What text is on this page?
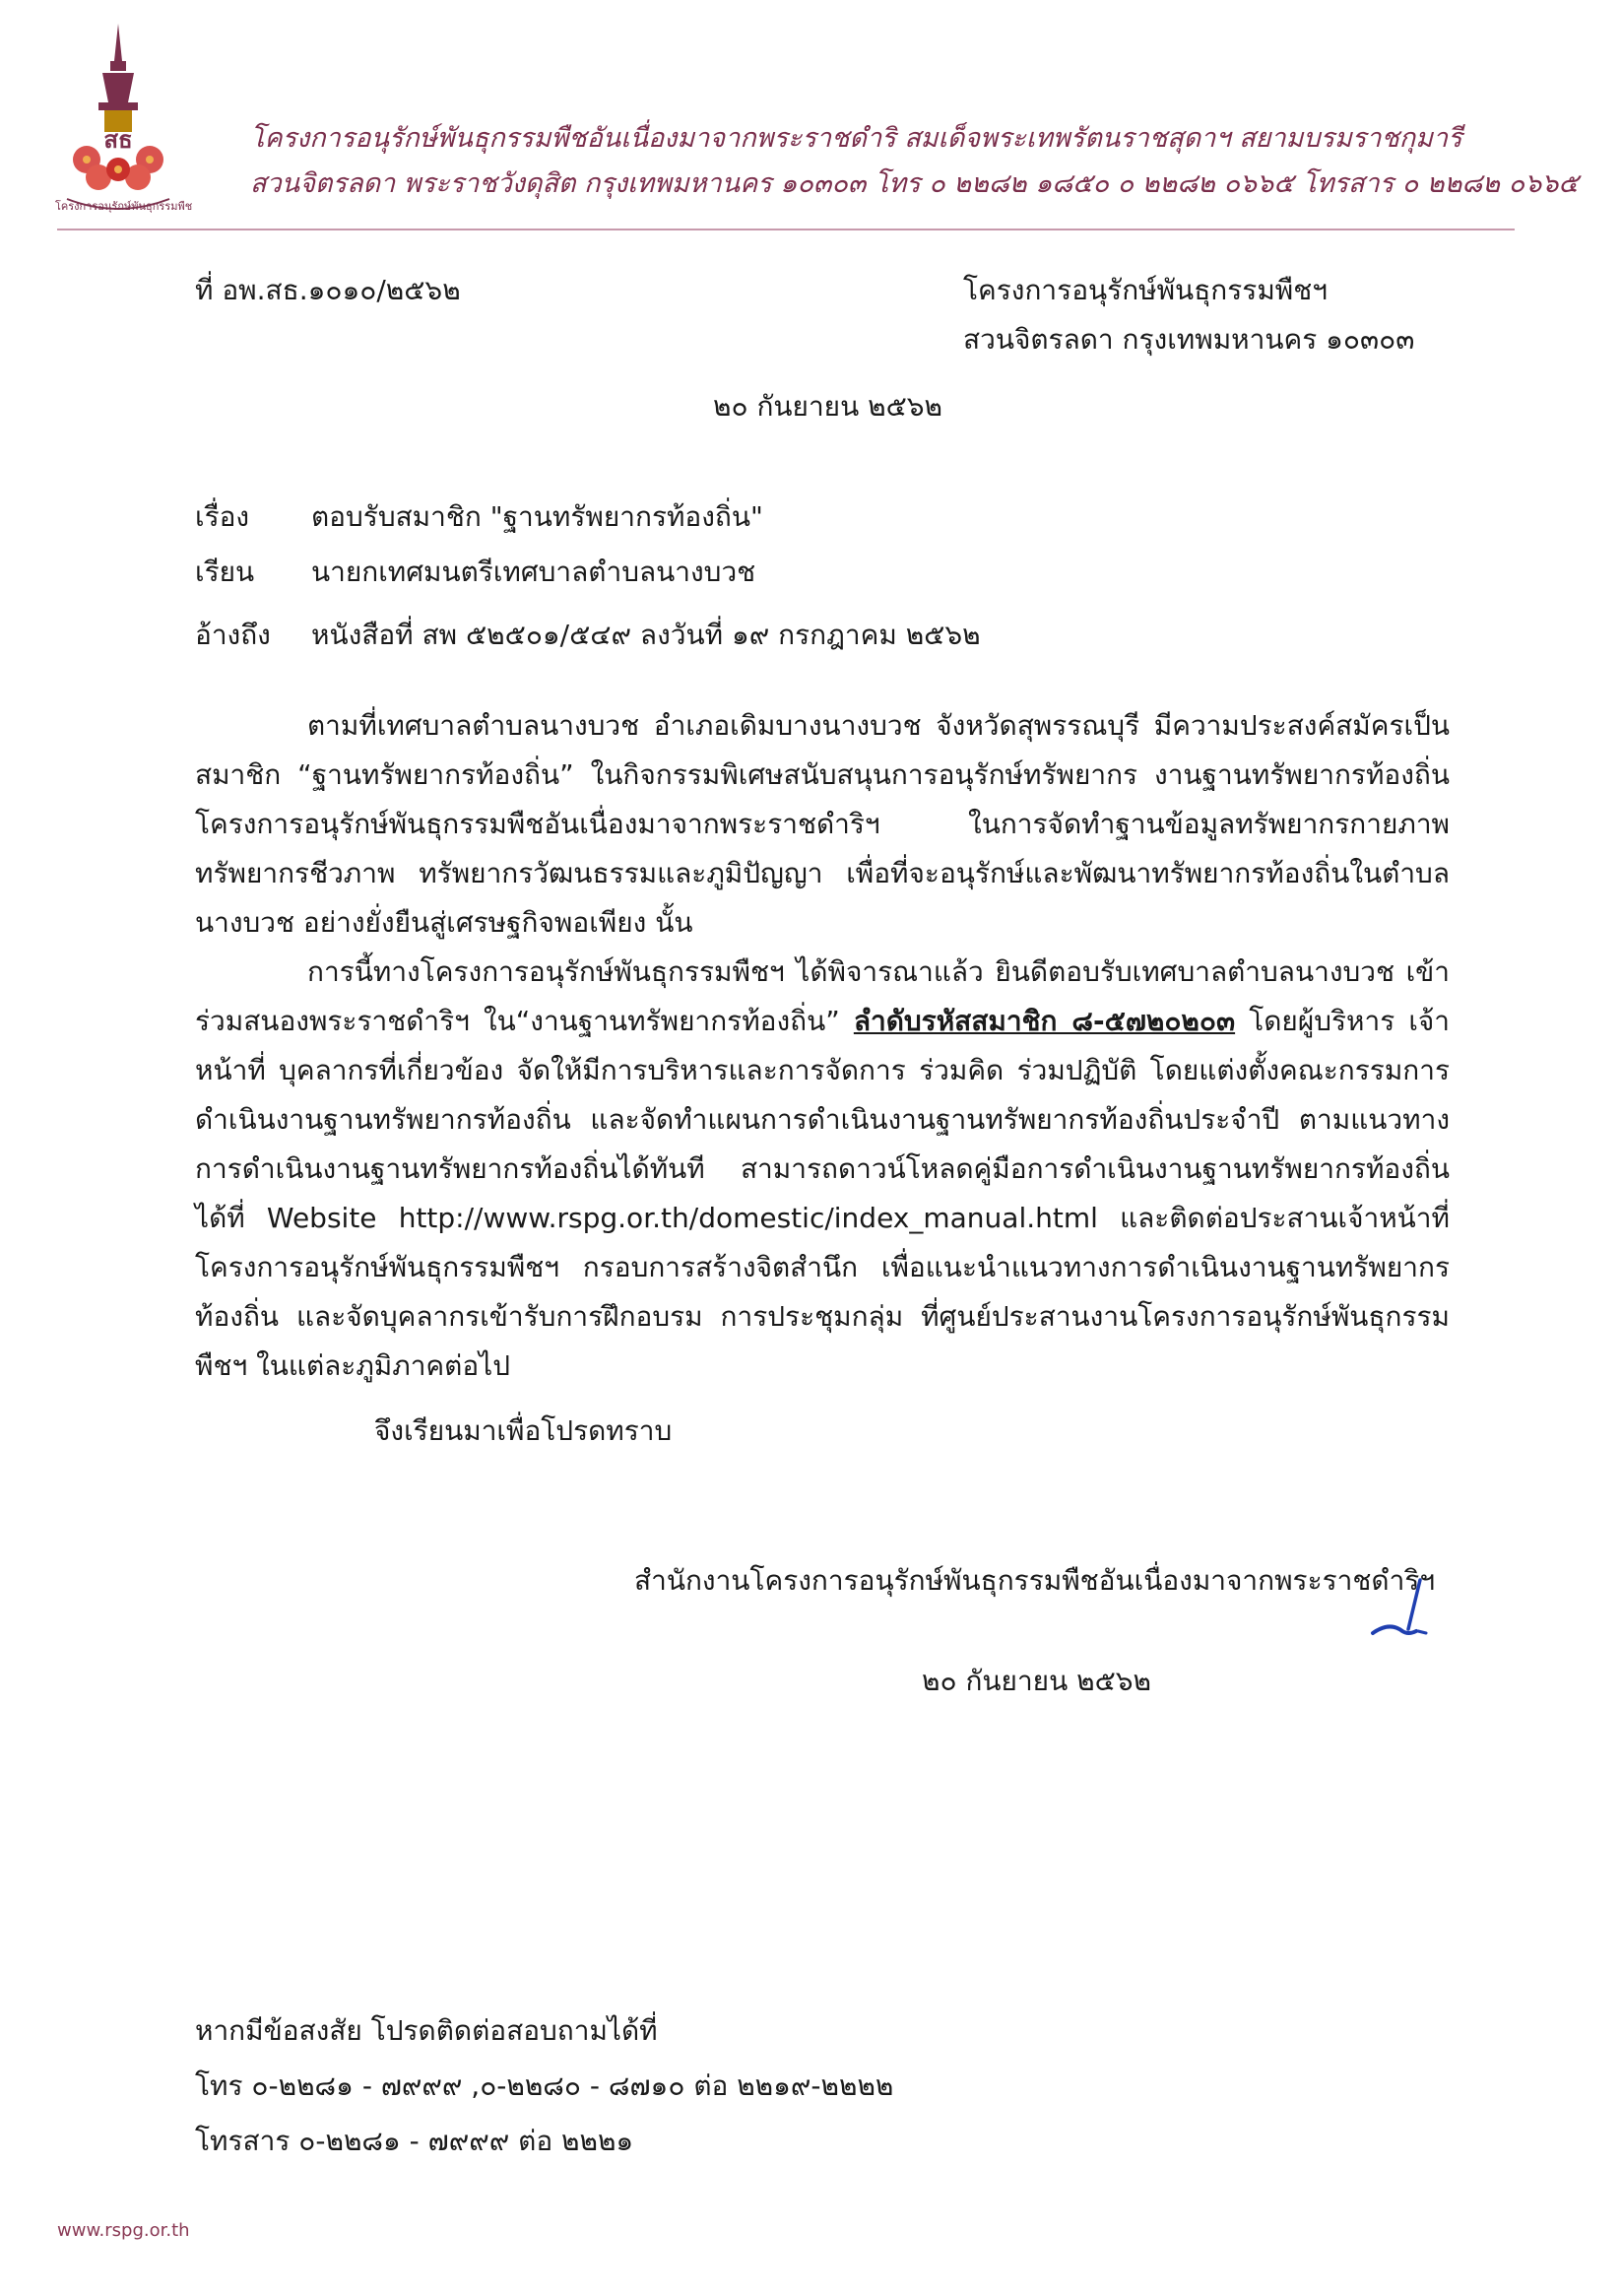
สธ
โครงการอนุรักษ์พันธุกรรมพืช
โครงการอนุรักษ์พันธุกรรมพืชอันเนื่องมาจากพระราชดำริ สมเด็จพระเทพรัตนราชสุดาฯ สยามบรมราชกุมารี
สวนจิตรลดา พระราชวังดุสิต กรุงเทพมหานคร ๑๐๓๐๓ โทร ๐ ๒๒๘๒ ๑๘๕๐ ๐ ๒๒๘๒ ๐๖๖๕ โทรสาร ๐ ๒๒๘๒ ๐๖๖๕
ที่ อพ.สธ.๑๐๑๐/๒๕๖๒	โครงการอนุรักษ์พันธุกรรมพืชฯ
สวนจิตรลดา กรุงเทพมหานคร ๑๐๓๐๓
๒๐ กันยายน ๒๕๖๒
เรื่อง	ตอบรับสมาชิก "ฐานทรัพยากรท้องถิ่น"
เรียน	นายกเทศมนตรีเทศบาลตำบลนางบวช
อ้างถึง	หนังสือที่ สพ ๕๒๕๐๑/๕๔๙ ลงวันที่ ๑๙ กรกฎาคม ๒๕๖๒

ตามที่เทศบาลตำบลนางบวช อำเภอเดิมบางนางบวช จังหวัดสุพรรณบุรี มีความประสงค์สมัครเป็นสมาชิก “ฐานทรัพยากรท้องถิ่น” ในกิจกรรมพิเศษสนับสนุนการอนุรักษ์ทรัพยากร งานฐานทรัพยากรท้องถิ่น โครงการอนุรักษ์พันธุกรรมพืชอันเนื่องมาจากพระราชดำริฯ ในการจัดทำฐานข้อมูลทรัพยากรกายภาพ ทรัพยากรชีวภาพ ทรัพยากรวัฒนธรรมและภูมิปัญญา เพื่อที่จะอนุรักษ์และพัฒนาทรัพยากรท้องถิ่นในตำบลนางบวช อย่างยั่งยืนสู่เศรษฐกิจพอเพียง นั้น

การนี้ทางโครงการอนุรักษ์พันธุกรรมพืชฯ ได้พิจารณาแล้ว ยินดีตอบรับเทศบาลตำบลนางบวช เข้าร่วมสนองพระราชดำริฯ ใน“งานฐานทรัพยากรท้องถิ่น” ลำดับรหัสสมาชิก ๘-๕๗๒๐๒๐๓ โดยผู้บริหาร เจ้าหน้าที่ บุคลากรที่เกี่ยวข้อง จัดให้มีการบริหารและการจัดการ ร่วมคิด ร่วมปฏิบัติ โดยแต่งตั้งคณะกรรมการดำเนินงานฐานทรัพยากรท้องถิ่น และจัดทำแผนการดำเนินงานฐานทรัพยากรท้องถิ่นประจำปี ตามแนวทางการดำเนินงานฐานทรัพยากรท้องถิ่นได้ทันที สามารถดาวน์โหลดคู่มือการดำเนินงานฐานทรัพยากรท้องถิ่นได้ที่ Website http://www.rspg.or.th/domestic/index_manual.html และติดต่อประสานเจ้าหน้าที่โครงการอนุรักษ์พันธุกรรมพืชฯ กรอบการสร้างจิตสำนึก เพื่อแนะนำแนวทางการดำเนินงานฐานทรัพยากรท้องถิ่น และจัดบุคลากรเข้ารับการฝึกอบรม การประชุมกลุ่ม ที่ศูนย์ประสานงานโครงการอนุรักษ์พันธุกรรมพืชฯ ในแต่ละภูมิภาคต่อไป

จึงเรียนมาเพื่อโปรดทราบ
สำนักงานโครงการอนุรักษ์พันธุกรรมพืชอันเนื่องมาจากพระราชดำริฯ
๒๐ กันยายน ๒๕๖๒
หากมีข้อสงสัย โปรดติดต่อสอบถามได้ที่
โทร ๐-๒๒๘๑ - ๗๙๙๙ ,๐-๒๒๘๐ - ๘๗๑๐ ต่อ ๒๒๑๙-๒๒๒๒
โทรสาร ๐-๒๒๘๑ - ๗๙๙๙ ต่อ ๒๒๒๑
www.rspg.or.th
